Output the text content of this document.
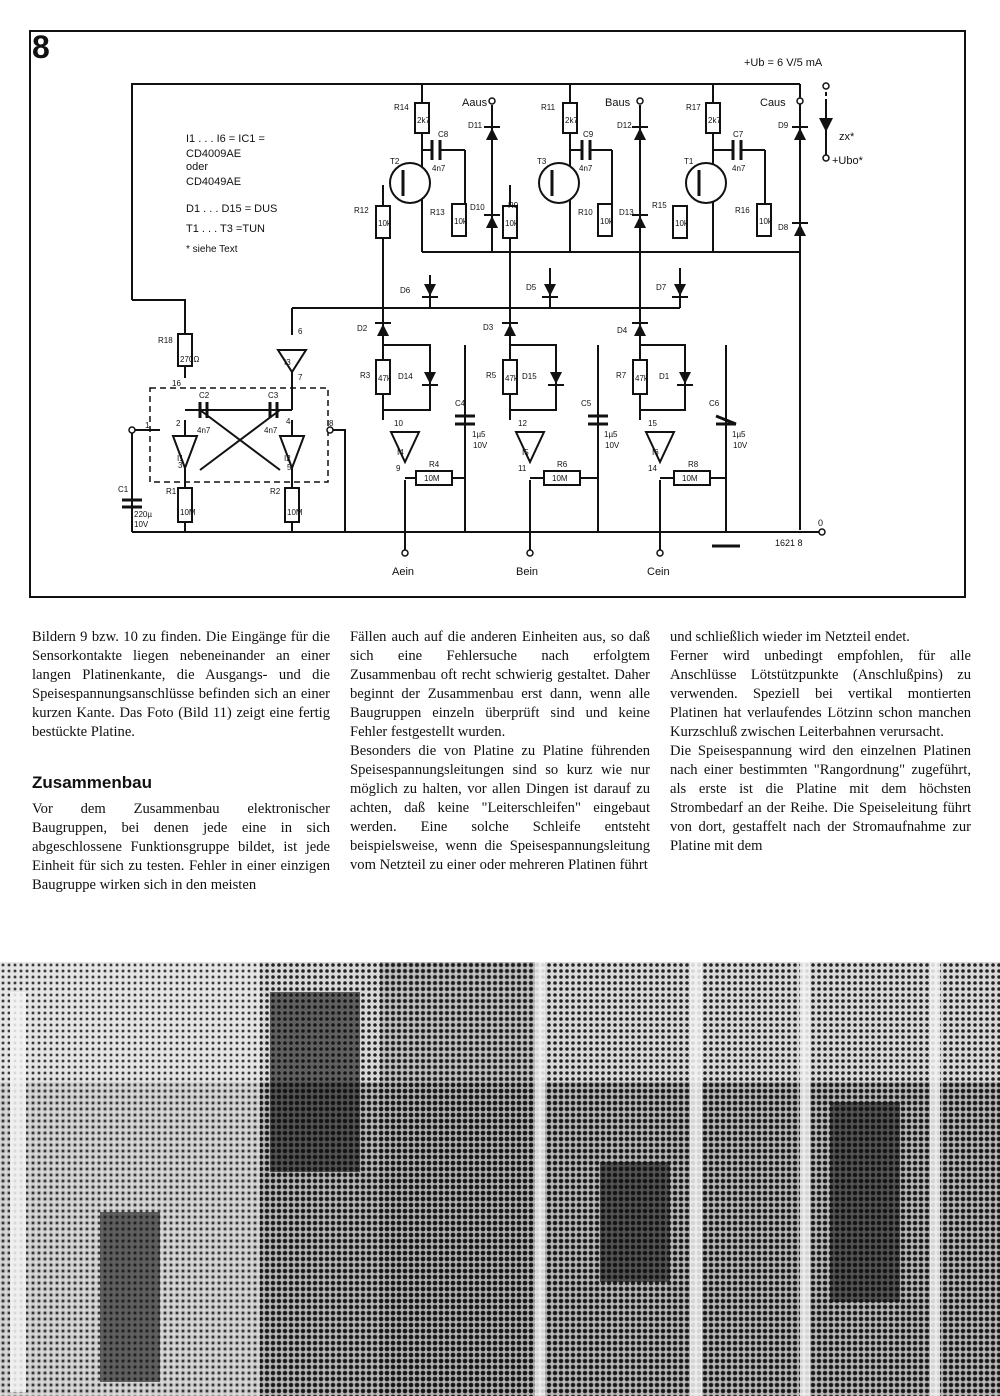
8	+Ub = 6 V/5 mA
I1 . . . I6 = IC1 =
CD4009AE
oder
CD4049AE
D1 . . . D15 = DUS
T1 . . . T3 =TUN
* siehe Text
Aaus	Baus	Caus
Aein	Bein	Cein
zx*
+Ubo*
0
1621 8
T2	T3	T1
I1	I2
I3
I4	I5	I6
R14	R11	R17
2k7	2k7	2k7
C8	C9	C7
4n7	4n7	4n7
R12	R13
R9
R10
R15
R16
10k	10k	10k	10k	10k	10k
D11
D10
D12
D13
D9
D8
D6	D5	D7
D2
D14
D3
D15
D4
D1
R3	R5	R7
47k	47k	47k
C4	C5	C6
1µ5	1µ5	1µ5
10V	10V	10V
R4	R6	R8
10M	10M	10M
R18
270Ω
R1
10M
R2
10M
C1
220µ
10V
C2
4n7
C3
4n7
1	2
3
4
5
6
7
8
9
10
11
12
14
15
16

Bildern 9 bzw. 10 zu finden. Die Eingänge für die Sensorkontakte liegen nebeneinander an einer langen Platinenkante, die Ausgangs- und die Speisespannungsanschlüsse befinden sich an einer kurzen Kante. Das Foto (Bild 11) zeigt eine fertig bestückte Platine.

Zusammenbau

Vor dem Zusammenbau elektronischer Baugruppen, bei denen jede eine in sich abgeschlossene Funktionsgruppe bildet, ist jede Einheit für sich zu testen. Fehler in einer einzigen Baugruppe wirken sich in den meisten

Fällen auch auf die anderen Einheiten aus, so daß sich eine Fehlersuche nach erfolgtem Zusammenbau oft recht schwierig gestaltet. Daher beginnt der Zusammenbau erst dann, wenn alle Baugruppen einzeln überprüft sind und keine Fehler festgestellt wurden.

Besonders die von Platine zu Platine führenden Speisespannungsleitungen sind so kurz wie nur möglich zu halten, vor allen Dingen ist darauf zu achten, daß keine "Leiterschleifen" eingebaut werden. Eine solche Schleife entsteht beispielsweise, wenn die Speisespannungsleitung vom Netzteil zu einer oder mehreren Platinen führt

und schließlich wieder im Netzteil endet.

Ferner wird unbedingt empfohlen, für alle Anschlüsse Lötstützpunkte (Anschlußpins) zu verwenden. Speziell bei vertikal montierten Platinen hat verlaufendes Lötzinn schon manchen Kurzschluß zwischen Leiterbahnen verursacht.

Die Speisespannung wird den einzelnen Platinen nach einer bestimmten "Rangordnung" zugeführt, als erste ist die Platine mit dem höchsten Strombedarf an der Reihe. Die Speiseleitung führt von dort, gestaffelt nach der Stromaufnahme zur Platine mit dem
